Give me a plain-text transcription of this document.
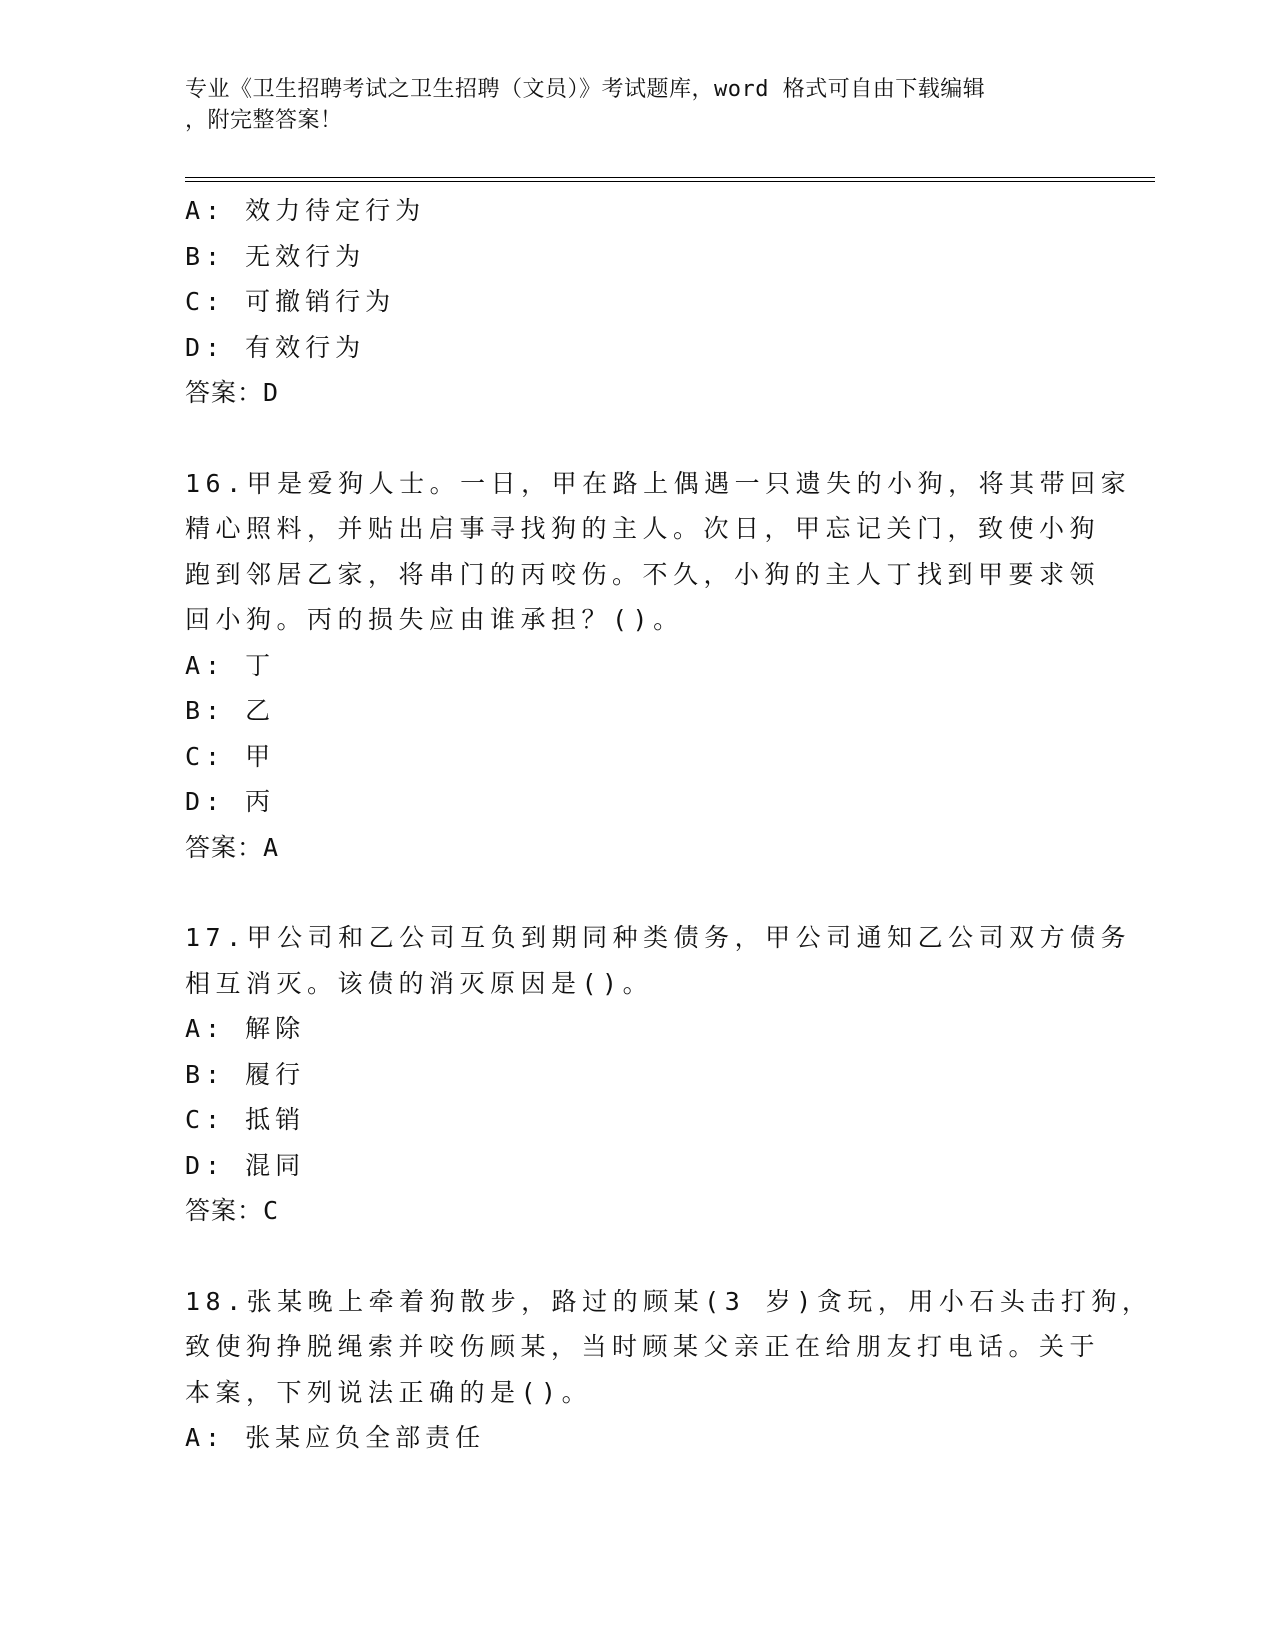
专业《卫生招聘考试之卫生招聘（文员）》考试题库，word 格式可自由下载编辑
，附完整答案！
A: 效力待定行为
B: 无效行为
C: 可撤销行为
D: 有效行为
答案：D
16.甲是爱狗人士。一日，甲在路上偶遇一只遗失的小狗，将其带回家
精心照料，并贴出启事寻找狗的主人。次日，甲忘记关门，致使小狗
跑到邻居乙家，将串门的丙咬伤。不久，小狗的主人丁找到甲要求领
回小狗。丙的损失应由谁承担？()。
A: 丁
B: 乙
C: 甲
D: 丙
答案：A
17.甲公司和乙公司互负到期同种类债务，甲公司通知乙公司双方债务
相互消灭。该债的消灭原因是()。
A: 解除
B: 履行
C: 抵销
D: 混同
答案：C
18.张某晚上牵着狗散步，路过的顾某(3 岁)贪玩，用小石头击打狗，
致使狗挣脱绳索并咬伤顾某，当时顾某父亲正在给朋友打电话。关于
本案，下列说法正确的是()。
A: 张某应负全部责任
